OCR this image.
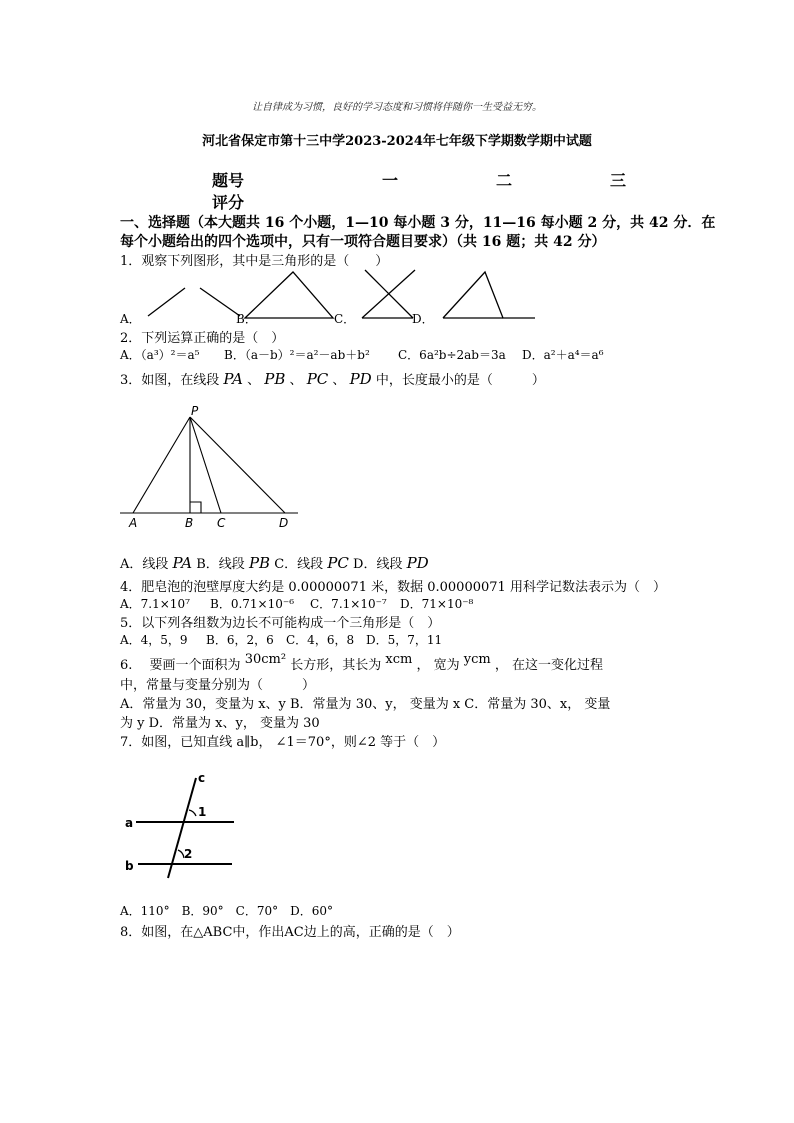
让自律成为习惯，良好的学习态度和习惯将伴随你一生受益无穷。
河北省保定市第十三中学2023-2024年七年级下学期数学期中试题
题号	一	二	三
评分
一、选择题（本大题共 16 个小题，1—10 每小题 3 分，11—16 每小题 2 分，共 42 分．在
每个小题给出的四个选项中，只有一项符合题目要求）（共 16 题；共 42 分）
1．观察下列图形，其中是三角形的是（　　）
A．	B．	C．	D．
2．下列运算正确的是（　）
A．（a³）²＝a⁵ B．（a－b）²＝a²－ab＋b² C．6a²b÷2ab＝3a D．a²＋a⁴＝a⁶
3．如图，在线段 PA 、 PB 、 PC 、 PD 中，长度最小的是（　　　）
P
A	B C	D
A．线段 PA B．线段 PB C．线段 PC D．线段 PD
4．肥皂泡的泡壁厚度大约是 0.00000071 米，数据 0.00000071 用科学记数法表示为（　）
A．7.1×10⁷ B．0.71×10⁻⁶ C．7.1×10⁻⁷ D．71×10⁻⁸
5．以下列各组数为边长不可能构成一个三角形是（　）
A．4，5，9 B．6，2，6 C．4，6，8 D．5，7，11
6.　 要画一个面积为 30cm² 长方形，其长为 xcm ， 宽为 ycm ， 在这一变化过程
中，常量与变量分别为（　　　）
A．常量为 30，变量为 x、y B．常量为 30、y， 变量为 x C．常量为 30、x， 变量
为 y D．常量为 x、y， 变量为 30
7．如图，已知直线 a∥b， ∠1＝70°，则∠2 等于（　）
c
a
b
1
2
A．110°　B．90°　C．70°　D．60°
8．如图，在△ABC中，作出AC边上的高，正确的是（　）
